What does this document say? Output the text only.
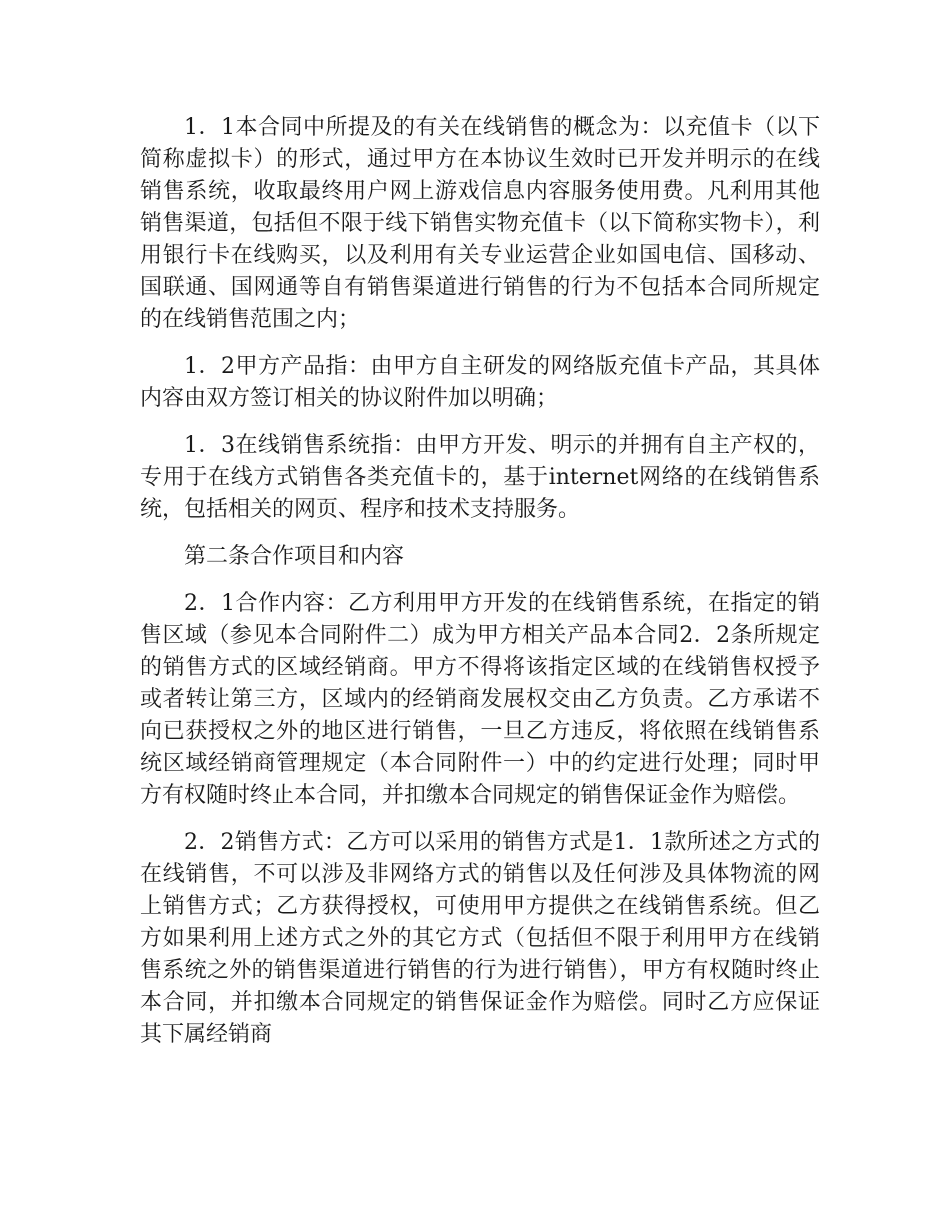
1．1本合同中所提及的有关在线销售的概念为：以充值卡（以下简称虚拟卡）的形式，通过甲方在本协议生效时已开发并明示的在线销售系统，收取最终用户网上游戏信息内容服务使用费。凡利用其他销售渠道，包括但不限于线下销售实物充值卡（以下简称实物卡），利用银行卡在线购买，以及利用有关专业运营企业如国电信、国移动、国联通、国网通等自有销售渠道进行销售的行为不包括本合同所规定的在线销售范围之内；

1．2甲方产品指：由甲方自主研发的网络版充值卡产品，其具体内容由双方签订相关的协议附件加以明确；

1．3在线销售系统指：由甲方开发、明示的并拥有自主产权的，专用于在线方式销售各类充值卡的，基于internet网络的在线销售系统，包括相关的网页、程序和技术支持服务。

第二条合作项目和内容

2．1合作内容：乙方利用甲方开发的在线销售系统，在指定的销售区域（参见本合同附件二）成为甲方相关产品本合同2．2条所规定的销售方式的区域经销商。甲方不得将该指定区域的在线销售权授予或者转让第三方，区域内的经销商发展权交由乙方负责。乙方承诺不向已获授权之外的地区进行销售，一旦乙方违反，将依照在线销售系统区域经销商管理规定（本合同附件一）中的约定进行处理；同时甲方有权随时终止本合同，并扣缴本合同规定的销售保证金作为赔偿。

2．2销售方式：乙方可以采用的销售方式是1．1款所述之方式的在线销售，不可以涉及非网络方式的销售以及任何涉及具体物流的网上销售方式；乙方获得授权，可使用甲方提供之在线销售系统。但乙方如果利用上述方式之外的其它方式（包括但不限于利用甲方在线销售系统之外的销售渠道进行销售的行为进行销售），甲方有权随时终止本合同，并扣缴本合同规定的销售保证金作为赔偿。同时乙方应保证其下属经销商
